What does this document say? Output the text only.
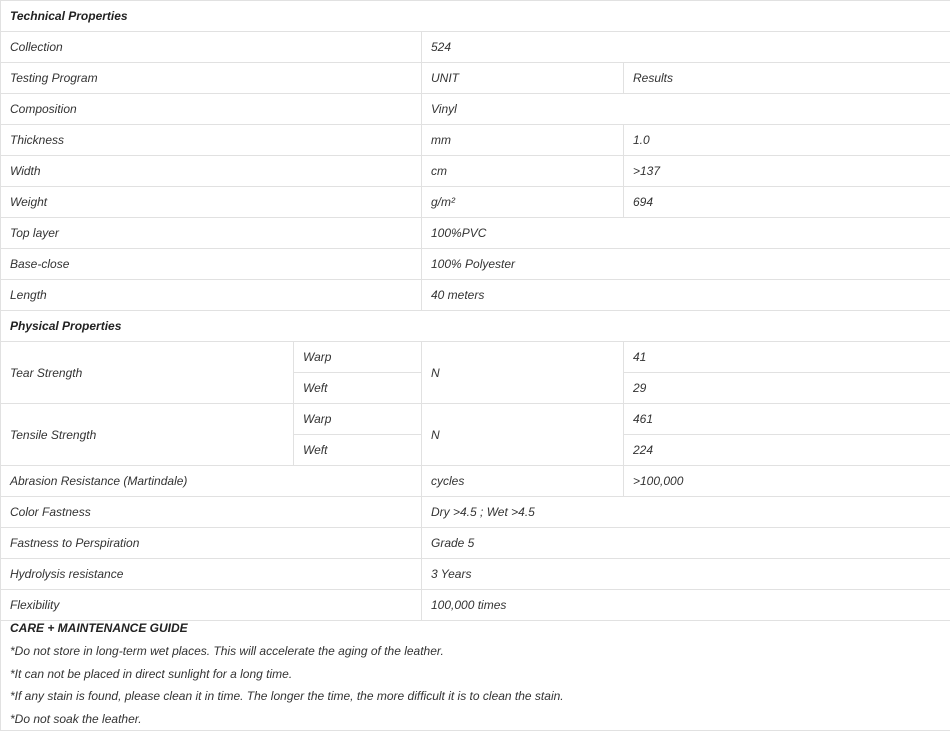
Technical Properties			
Collection		524	
Testing Program		UNIT	Results
Composition		Vinyl	
Thickness		mm	1.0
Width		cm	>137
Weight		g/m²	694
Top layer		100%PVC	
Base-close		100% Polyester	
Length		40 meters	
Physical Properties			
Tear Strength	Warp	N	41
	Weft		29
Tensile Strength	Warp	N	461
	Weft		224
Abrasion Resistance (Martindale)		cycles	>100,000
Color Fastness		Dry >4.5 ; Wet >4.5	
Fastness to Perspiration		Grade 5	
Hydrolysis resistance		3 Years	
Flexibility		100,000 times	

CARE + MAINTENANCE GUIDE
*Do not store in long-term wet places. This will accelerate the aging of the leather.
*It can not be placed in direct sunlight for a long time.
*If any stain is found, please clean it in time. The longer the time, the more difficult it is to clean the stain.
*Do not soak the leather.			
